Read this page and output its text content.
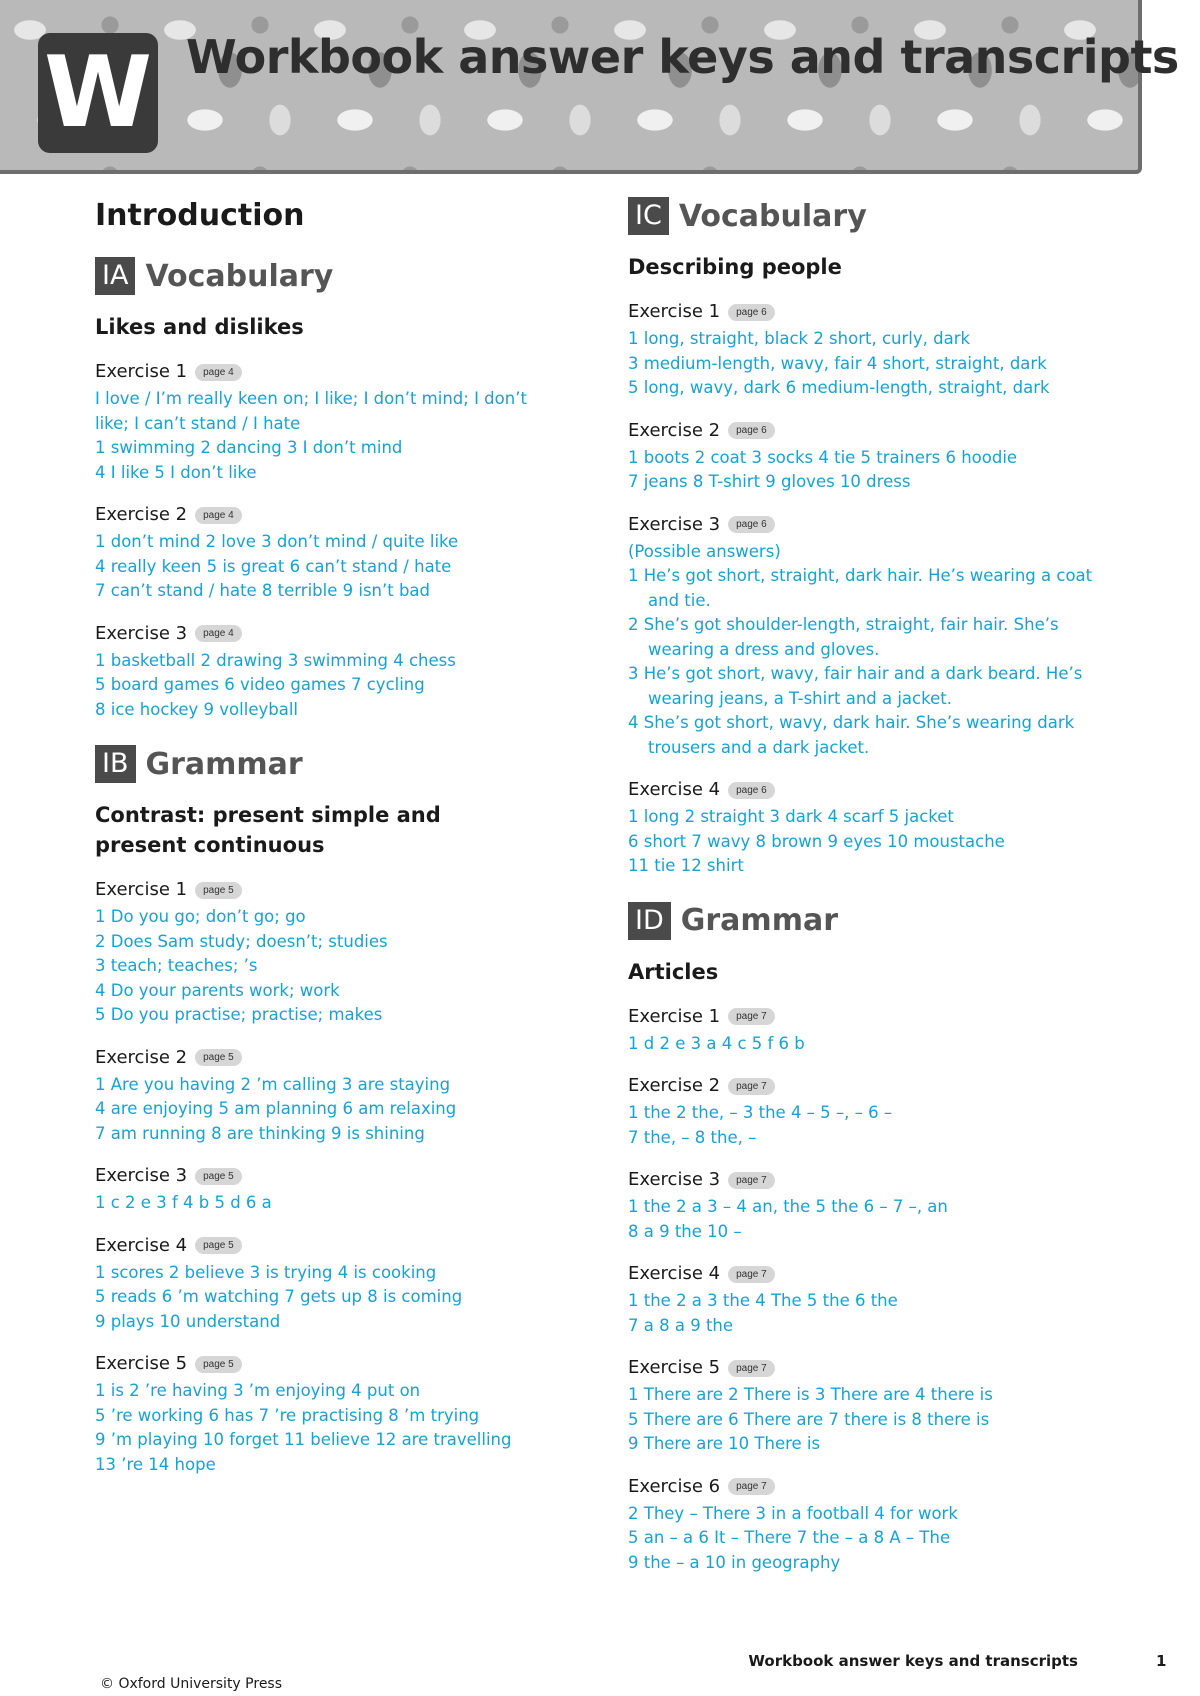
W Workbook answer keys and transcripts
Introduction
IA Vocabulary
Likes and dislikes
Exercise 1	page 4
I love / I’m really keen on; I like; I don’t mind; I don’t like; I can’t stand / I hate
1 swimming 2 dancing 3 I don’t mind
4 I like 5 I don’t like
Exercise 2	page 4
1 don’t mind 2 love 3 don’t mind / quite like
4 really keen 5 is great 6 can’t stand / hate
7 can’t stand / hate 8 terrible 9 isn’t bad
Exercise 3	page 4
1 basketball 2 drawing 3 swimming 4 chess
5 board games 6 video games 7 cycling
8 ice hockey 9 volleyball
IB Grammar
Contrast: present simple and present continuous
Exercise 1	page 5
1 Do you go; don’t go; go
2 Does Sam study; doesn’t; studies
3 teach; teaches; ’s
4 Do your parents work; work
5 Do you practise; practise; makes
Exercise 2	page 5
1 Are you having 2 ’m calling 3 are staying
4 are enjoying 5 am planning 6 am relaxing
7 am running 8 are thinking 9 is shining
Exercise 3	page 5
1 c 2 e 3 f 4 b 5 d 6 a
Exercise 4	page 5
1 scores 2 believe 3 is trying 4 is cooking
5 reads 6 ’m watching 7 gets up 8 is coming
9 plays 10 understand
Exercise 5	page 5
1 is 2 ’re having 3 ’m enjoying 4 put on
5 ’re working 6 has 7 ’re practising 8 ’m trying
9 ’m playing 10 forget 11 believe 12 are travelling
13 ’re 14 hope
IC Vocabulary
Describing people
Exercise 1	page 6
1 long, straight, black 2 short, curly, dark
3 medium-length, wavy, fair 4 short, straight, dark
5 long, wavy, dark 6 medium-length, straight, dark
Exercise 2	page 6
1 boots 2 coat 3 socks 4 tie 5 trainers 6 hoodie
7 jeans 8 T-shirt 9 gloves 10 dress
Exercise 3	page 6
(Possible answers)
1 He’s got short, straight, dark hair. He’s wearing a coat and tie.
2 She’s got shoulder-length, straight, fair hair. She’s wearing a dress and gloves.
3 He’s got short, wavy, fair hair and a dark beard. He’s wearing jeans, a T-shirt and a jacket.
4 She’s got short, wavy, dark hair. She’s wearing dark trousers and a dark jacket.
Exercise 4	page 6
1 long 2 straight 3 dark 4 scarf 5 jacket
6 short 7 wavy 8 brown 9 eyes 10 moustache
11 tie 12 shirt
ID Grammar
Articles
Exercise 1	page 7
1 d 2 e 3 a 4 c 5 f 6 b
Exercise 2	page 7
1 the 2 the, – 3 the 4 – 5 –, – 6 –
7 the, – 8 the, –
Exercise 3	page 7
1 the 2 a 3 – 4 an, the 5 the 6 – 7 –, an
8 a 9 the 10 –
Exercise 4	page 7
1 the 2 a 3 the 4 The 5 the 6 the
7 a 8 a 9 the
Exercise 5	page 7
1 There are 2 There is 3 There are 4 there is
5 There are 6 There are 7 there is 8 there is
9 There are 10 There is
Exercise 6	page 7
2 They – There 3 in a football 4 for work
5 an – a 6 It – There 7 the – a 8 A – The
9 the – a 10 in geography
Workbook answer keys and transcripts	1
© Oxford University Press
